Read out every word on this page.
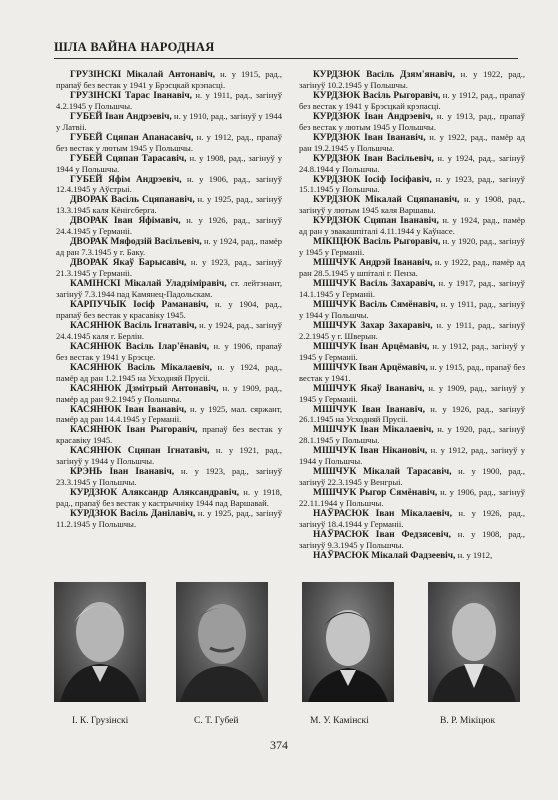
ШЛА ВАЙНА НАРОДНАЯ

ГРУЗІНСКІ Мікалай Антонавіч, н. у 1915, рад., прапаў без вестак у 1941 у Брэсцкай крэпасці.

ГРУЗІНСКІ Тарас Іванавіч, н. у 1911, рад., загінуў 4.2.1945 у Польшчы.

ГУБЕЙ Іван Андрэевіч, н. у 1910, рад., загінуў у 1944 у Латвіі.

ГУБЕЙ Сцяпан Апанасавіч, н. у 1912, рад., прапаў без вестак у лютым 1945 у Польшчы.

ГУБЕЙ Сцяпан Тарасавіч, н. у 1908, рад., загінуў у 1944 у Польшчы.

ГУБЕЙ Яфім Андрэевіч, н. у 1906, рад., загінуў 12.4.1945 у Аўстрыі.

ДВОРАК Васіль Сцяпанавіч, н. у 1925, рад., загінуў 13.3.1945 каля Кёнігсберга.

ДВОРАК Іван Яфімавіч, н. у 1926, рад., загінуў 24.4.1945 у Германіі.

ДВОРАК Мяфодзій Васільевіч, н. у 1924, рад., памёр ад ран 7.3.1945 у г. Баку.

ДВОРАК Якаў Барысавіч, н. у 1923, рад., загінуў 21.3.1945 у Германіі.

КАМІНСКІ Мікалай Уладзіміравіч, ст. лейтэнант, загінуў 7.3.1944 пад Камянец-Падольскам.

КАРПУЧЫК Іосіф Раманавіч, н. у 1904, рад., прапаў без вестак у красавіку 1945.

КАСЯНЮК Васіль Ігнатавіч, н. у 1924, рад., загінуў 24.4.1945 каля г. Берлін.

КАСЯНЮК Васіль Ілар'ёнавіч, н. у 1906, прапаў без вестак у 1941 у Брэсце.

КАСЯНЮК Васіль Мікалаевіч, н. у 1924, рад., памёр ад ран 1.2.1945 на Усходняй Прусіі.

КАСЯНЮК Дзмітрый Антонавіч, н. у 1909, рад., памёр ад ран 9.2.1945 у Польшчы.

КАСЯНЮК Іван Іванавіч, н. у 1925, мал. сяржант, памёр ад ран 14.4.1945 у Германіі.

КАСЯНЮК Іван Рыгоравіч, прапаў без вестак у красавіку 1945.

КАСЯНЮК Сцяпан Ігнатавіч, н. у 1921, рад., загінуў у 1944 у Польшчы.

КРЭНЬ Іван Іванавіч, н. у 1923, рад., загінуў 23.3.1945 у Польшчы.

КУРДЗЮК Аляксандр Аляксандравіч, н. у 1918, рад., прапаў без вестак у кастрычніку 1944 пад Варшавай.

КУРДЗЮК Васіль Данілавіч, н. у 1925, рад., загінуў 11.2.1945 у Польшчы.

КУРДЗЮК Васіль Дзям'янавіч, н. у 1922, рад., загінуў 10.2.1945 у Польшчы.

КУРДЗЮК Васіль Рыгоравіч, н. у 1912, рад., прапаў без вестак у 1941 у Брэсцкай крэпасці.

КУРДЗЮК Іван Андрэевіч, н. у 1913, рад., прапаў без вестак у лютым 1945 у Польшчы.

КУРДЗЮК Іван Іванавіч, н. у 1922, рад., памёр ад ран 19.2.1945 у Польшчы.

КУРДЗЮК Іван Васільевіч, н. у 1924, рад., загінуў 24.8.1944 у Польшчы.

КУРДЗЮК Іосіф Іосіфавіч, н. у 1923, рад., загінуў 15.1.1945 у Польшчы.

КУРДЗЮК Мікалай Сцяпанавіч, н. у 1908, рад., загінуў у лютым 1945 каля Варшавы.

КУРДЗЮК Сцяпан Іванавіч, н. у 1924, рад., памёр ад ран у эвакашпіталі 4.11.1944 у Каўнасе.

МІКІЦЮК Васіль Рыгоравіч, н. у 1920, рад., загінуў у 1945 у Германіі.

МІШЧУК Андрэй Іванавіч, н. у 1922, рад., памёр ад ран 28.5.1945 у шпіталі г. Пенза.

МІШЧУК Васіль Захаравіч, н. у 1917, рад., загінуў 14.1.1945 у Германіі.

МІШЧУК Васіль Сямёнавіч, н. у 1911, рад., загінуў у 1944 у Польшчы.

МІШЧУК Захар Захаравіч, н. у 1911, рад., загінуў 2.2.1945 у г. Шверын.

МІШЧУК Іван Арцёмавіч, н. у 1912, рад., загінуў у 1945 у Германіі.

МІШЧУК Іван Арцёмавіч, н. у 1915, рад., прапаў без вестак у 1941.

МІШЧУК Якаў Іванавіч, н. у 1909, рад., загінуў у 1945 у Германіі.

МІШЧУК Іван Іванавіч, н. у 1926, рад., загінуў 26.1.1945 на Усходняй Прусіі.

МІШЧУК Іван Мікалаевіч, н. у 1920, рад., загінуў 28.1.1945 у Польшчы.

МІШЧУК Іван Нікановіч, н. у 1912, рад., загінуў у 1944 у Польшчы.

МІШЧУК Мікалай Тарасавіч, н. у 1900, рад., загінуў 22.3.1945 у Венгрыі.

МІШЧУК Рыгор Сямёнавіч, н. у 1906, рад., загінуў 22.11.1944 у Польшчы.

НАЎРАСЮК Іван Мікалаевіч, н. у 1926, рад., загінуў 18.4.1944 у Германіі.

НАЎРАСЮК Іван Федзясевіч, н. у 1908, рад., загінуў 9.3.1945 у Польшчы.

НАЎРАСЮК Мікалай Фадзеевіч, н. у 1912,

І. К. Грузінскі	С. Т. Губей	М. У. Камінскі	В. Р. Мікіцюк
374
